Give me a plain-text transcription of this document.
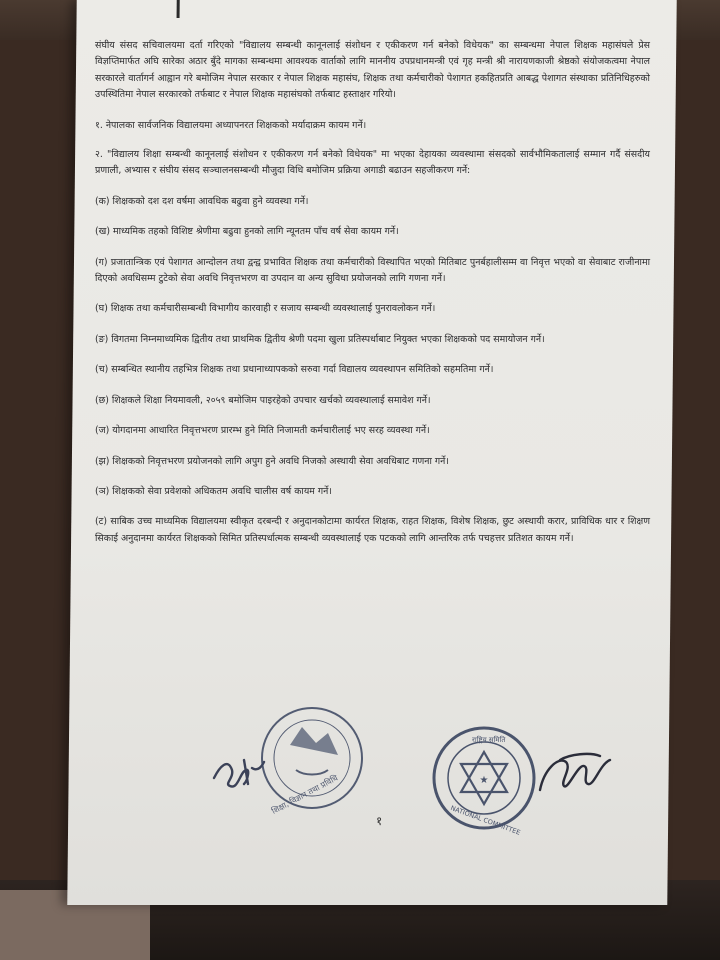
संघीय संसद सचिवालयमा दर्ता गरिएको "विद्यालय सम्बन्धी कानूनलाई संशोधन र एकीकरण गर्न बनेको विधेयक" का सम्बन्धमा नेपाल शिक्षक महासंघले प्रेस विज्ञप्तिमार्फत अघि सारेका अठार बुँदे मागका सम्बन्धमा आवश्यक वार्ताको लागि माननीय उपप्रधानमन्त्री एवं गृह मन्त्री श्री नारायणकाजी श्रेष्ठको संयोजकत्वमा नेपाल सरकारले वार्तागर्न आह्वान गरे बमोजिम नेपाल सरकार र नेपाल शिक्षक महासंघ, शिक्षक तथा कर्मचारीको पेशागत हकहितप्रति आबद्ध पेशागत संस्थाका प्रतिनिधिहरुको उपस्थितिमा नेपाल सरकारको तर्फबाट र नेपाल शिक्षक महासंघको तर्फबाट हस्ताक्षर गरियो।

१. नेपालका सार्वजनिक विद्यालयमा अध्यापनरत शिक्षकको मर्यादाक्रम कायम गर्ने।

२. "विद्यालय शिक्षा सम्बन्धी कानूनलाई संशोधन र एकीकरण गर्न बनेको विधेयक" मा भएका देहायका व्यवस्थामा संसदको सार्वभौमिकतालाई सम्मान गर्दै संसदीय प्रणाली, अभ्यास र संघीय संसद सञ्चालनसम्बन्धी मौजुदा विधि बमोजिम प्रक्रिया अगाडी बढाउन सहजीकरण गर्ने:

(क) शिक्षकको दश दश वर्षमा आवधिक बढुवा हुने व्यवस्था गर्ने।

(ख) माध्यमिक तहको विशिष्ट श्रेणीमा बढुवा हुनको लागि न्यूनतम पाँच वर्ष सेवा कायम गर्ने।

(ग) प्रजातान्त्रिक एवं पेशागत आन्दोलन तथा द्वन्द्व प्रभावित शिक्षक तथा कर्मचारीको विस्थापित भएको मितिबाट पुनर्बहालीसम्म वा निवृत्त भएको वा सेवाबाट राजीनामा दिएको अवधिसम्म टुटेको सेवा अवधि निवृत्तभरण वा उपदान वा अन्य सुविधा प्रयोजनको लागि गणना गर्ने।

(घ) शिक्षक तथा कर्मचारीसम्बन्धी विभागीय कारवाही र सजाय सम्बन्धी व्यवस्थालाई पुनरावलोकन गर्ने।

(ङ) विगतमा निम्नमाध्यमिक द्वितीय तथा प्राथमिक द्वितीय श्रेणी पदमा खुला प्रतिस्पर्धाबाट नियुक्त भएका शिक्षकको पद समायोजन गर्ने।

(च) सम्बन्धित स्थानीय तहभित्र शिक्षक तथा प्रधानाध्यापकको सरुवा गर्दा विद्यालय व्यवस्थापन समितिको सहमतिमा गर्ने।

(छ) शिक्षकले शिक्षा नियमावली, २०५९ बमोजिम पाइरहेको उपचार खर्चको व्यवस्थालाई समावेश गर्ने।

(ज) योगदानमा आधारित निवृत्तभरण प्रारम्भ हुने मिति निजामती कर्मचारीलाई भए सरह व्यवस्था गर्ने।

(झ) शिक्षकको निवृत्तभरण प्रयोजनको लागि अपुग हुने अवधि निजको अस्थायी सेवा अवधिबाट गणना गर्ने।

(ञ) शिक्षकको सेवा प्रवेशको अधिकतम अवधि चालीस वर्ष कायम गर्ने।

(ट) साबिक उच्च माध्यमिक विद्यालयमा स्वीकृत दरबन्दी र अनुदानकोटामा कार्यरत शिक्षक, राहत शिक्षक, विशेष शिक्षक, छुट अस्थायी करार, प्राविधिक धार र शिक्षण सिकाई अनुदानमा कार्यरत शिक्षकको सिमित प्रतिस्पर्धात्मक सम्बन्धी व्यवस्थालाई एक पटकको लागि आन्तरिक तर्फ पचहत्तर प्रतिशत कायम गर्ने।

शिक्षा, विज्ञान तथा प्रविधि	★
राष्ट्रिय समिति
NATIONAL COMMITTEE
१
